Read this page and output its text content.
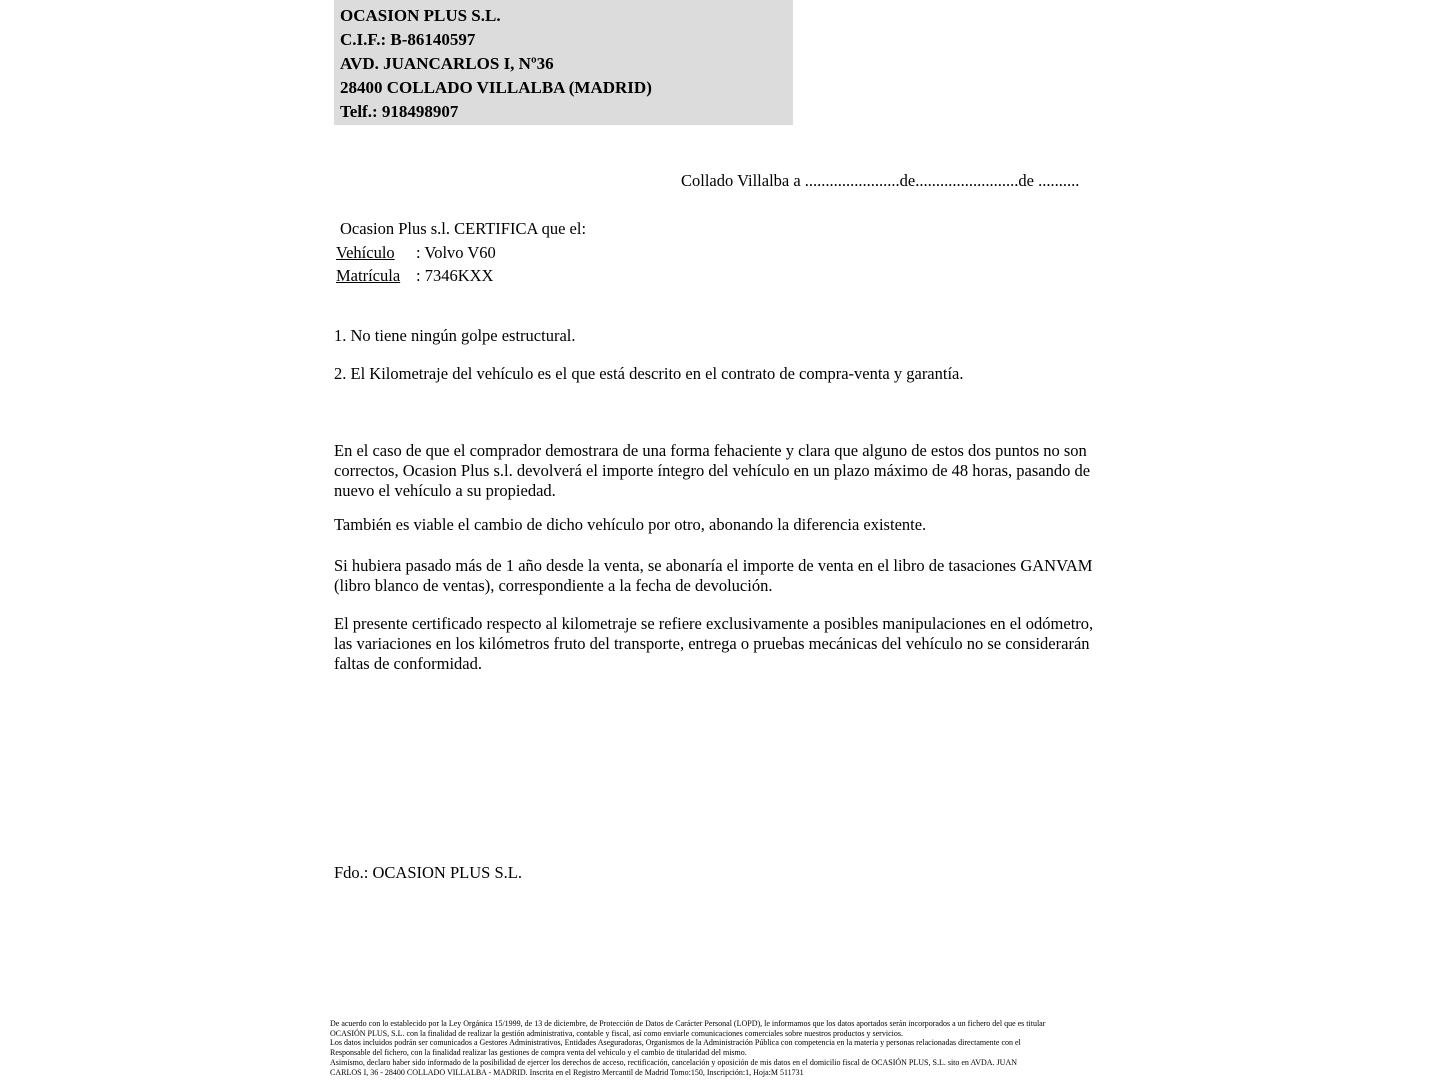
OCASION PLUS S.L.
C.I.F.: B-86140597
AVD. JUANCARLOS I, Nº36
28400 COLLADO VILLALBA (MADRID)
Telf.: 918498907
Collado Villalba a .......................de.........................de ..........
Ocasion Plus s.l. CERTIFICA que el:
Vehículo : Volvo V60
Matrícula : 7346KXX
1. No tiene ningún golpe estructural.
2. El Kilometraje del vehículo es el que está descrito en el contrato de compra-venta y garantía.
En el caso de que el comprador demostrara de una forma fehaciente y clara que alguno de estos dos puntos no son correctos, Ocasion Plus s.l. devolverá el importe íntegro del vehículo en un plazo máximo de 48 horas, pasando de nuevo el vehículo a su propiedad.
También es viable el cambio de dicho vehículo por otro, abonando la diferencia existente.
Si hubiera pasado más de 1 año desde la venta, se abonaría el importe de venta en el libro de tasaciones GANVAM (libro blanco de ventas), correspondiente a la fecha de devolución.
El presente certificado respecto al kilometraje se refiere exclusivamente a posibles manipulaciones en el odómetro, las variaciones en los kilómetros fruto del transporte, entrega o pruebas mecánicas del vehículo no se considerarán faltas de conformidad.
Fdo.: OCASION PLUS S.L.
De acuerdo con lo establecido por la Ley Orgánica 15/1999, de 13 de diciembre, de Protección de Datos de Carácter Personal (LOPD), le informamos que los datos aportados serán incorporados a un fichero del que es titular
OCASIÓN PLUS, S.L. con la finalidad de realizar la gestión administrativa, contable y fiscal, así como enviarle comunicaciones comerciales sobre nuestros productos y servicios.
Los datos incluidos podrán ser comunicados a Gestores Administrativos, Entidades Aseguradoras, Organismos de la Administración Pública con competencia en la materia y personas relacionadas directamente con el
Responsable del fichero, con la finalidad realizar las gestiones de compra venta del vehículo y el cambio de titularidad del mismo.
Asimismo, declaro haber sido informado de la posibilidad de ejercer los derechos de acceso, rectificación, cancelación y oposición de mis datos en el domicilio fiscal de OCASIÓN PLUS, S.L. sito en AVDA. JUAN
CARLOS I, 36 - 28400 COLLADO VILLALBA - MADRID. Inscrita en el Registro Mercantil de Madrid Tomo:150, Inscripción:1, Hoja:M 511731
